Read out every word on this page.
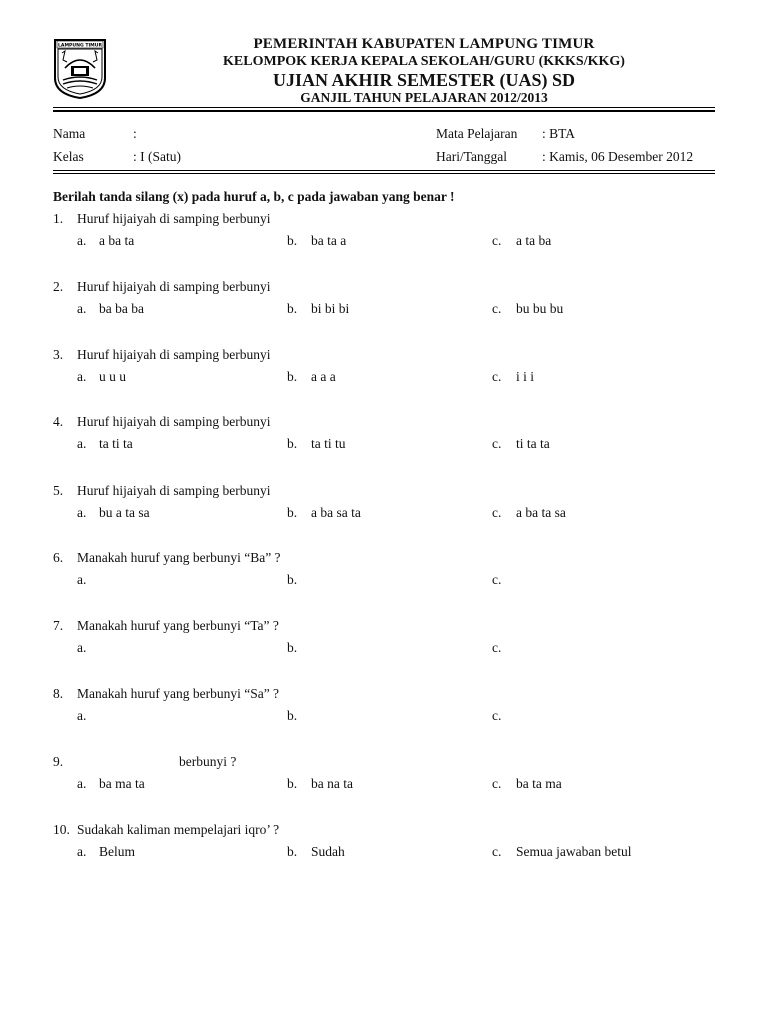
LAMPUNG TIMUR	PEMERINTAH KABUPATEN LAMPUNG TIMUR
KELOMPOK KERJA KEPALA SEKOLAH/GURU (KKKS/KKG)
UJIAN AKHIR SEMESTER (UAS) SD
GANJIL TAHUN PELAJARAN 2012/2013
Nama	:	Mata Pelajaran : BTA
Kelas	: I (Satu)	Hari/Tanggal	: Kamis, 06 Desember 2012
Berilah tanda silang (x) pada huruf a, b, c pada jawaban yang benar !
1. Huruf hijaiyah di samping berbunyi
a. a ba ta	b. ba ta a	c. a ta ba
2. Huruf hijaiyah di samping berbunyi
a. ba ba ba	b. bi bi bi	c. bu bu bu
3. Huruf hijaiyah di samping berbunyi
a. u u u	b. a a a	c. i i i
4. Huruf hijaiyah di samping berbunyi
a. ta ti ta	b. ta ti tu	c. ti ta ta
5. Huruf hijaiyah di samping berbunyi
a. bu a ta sa	b. a ba sa ta	c. a ba ta sa
6. Manakah huruf yang berbunyi “Ba” ?
a.	b.	c.
7. Manakah huruf yang berbunyi “Ta” ?
a.	b.	c.
8. Manakah huruf yang berbunyi “Sa” ?
a.	b.	c.
9.	berbunyi ?
a. ba ma ta	b. ba na ta	c. ba ta ma
10. Sudakah kaliman mempelajari iqro’ ?
a. Belum	b. Sudah	c. Semua jawaban betul
